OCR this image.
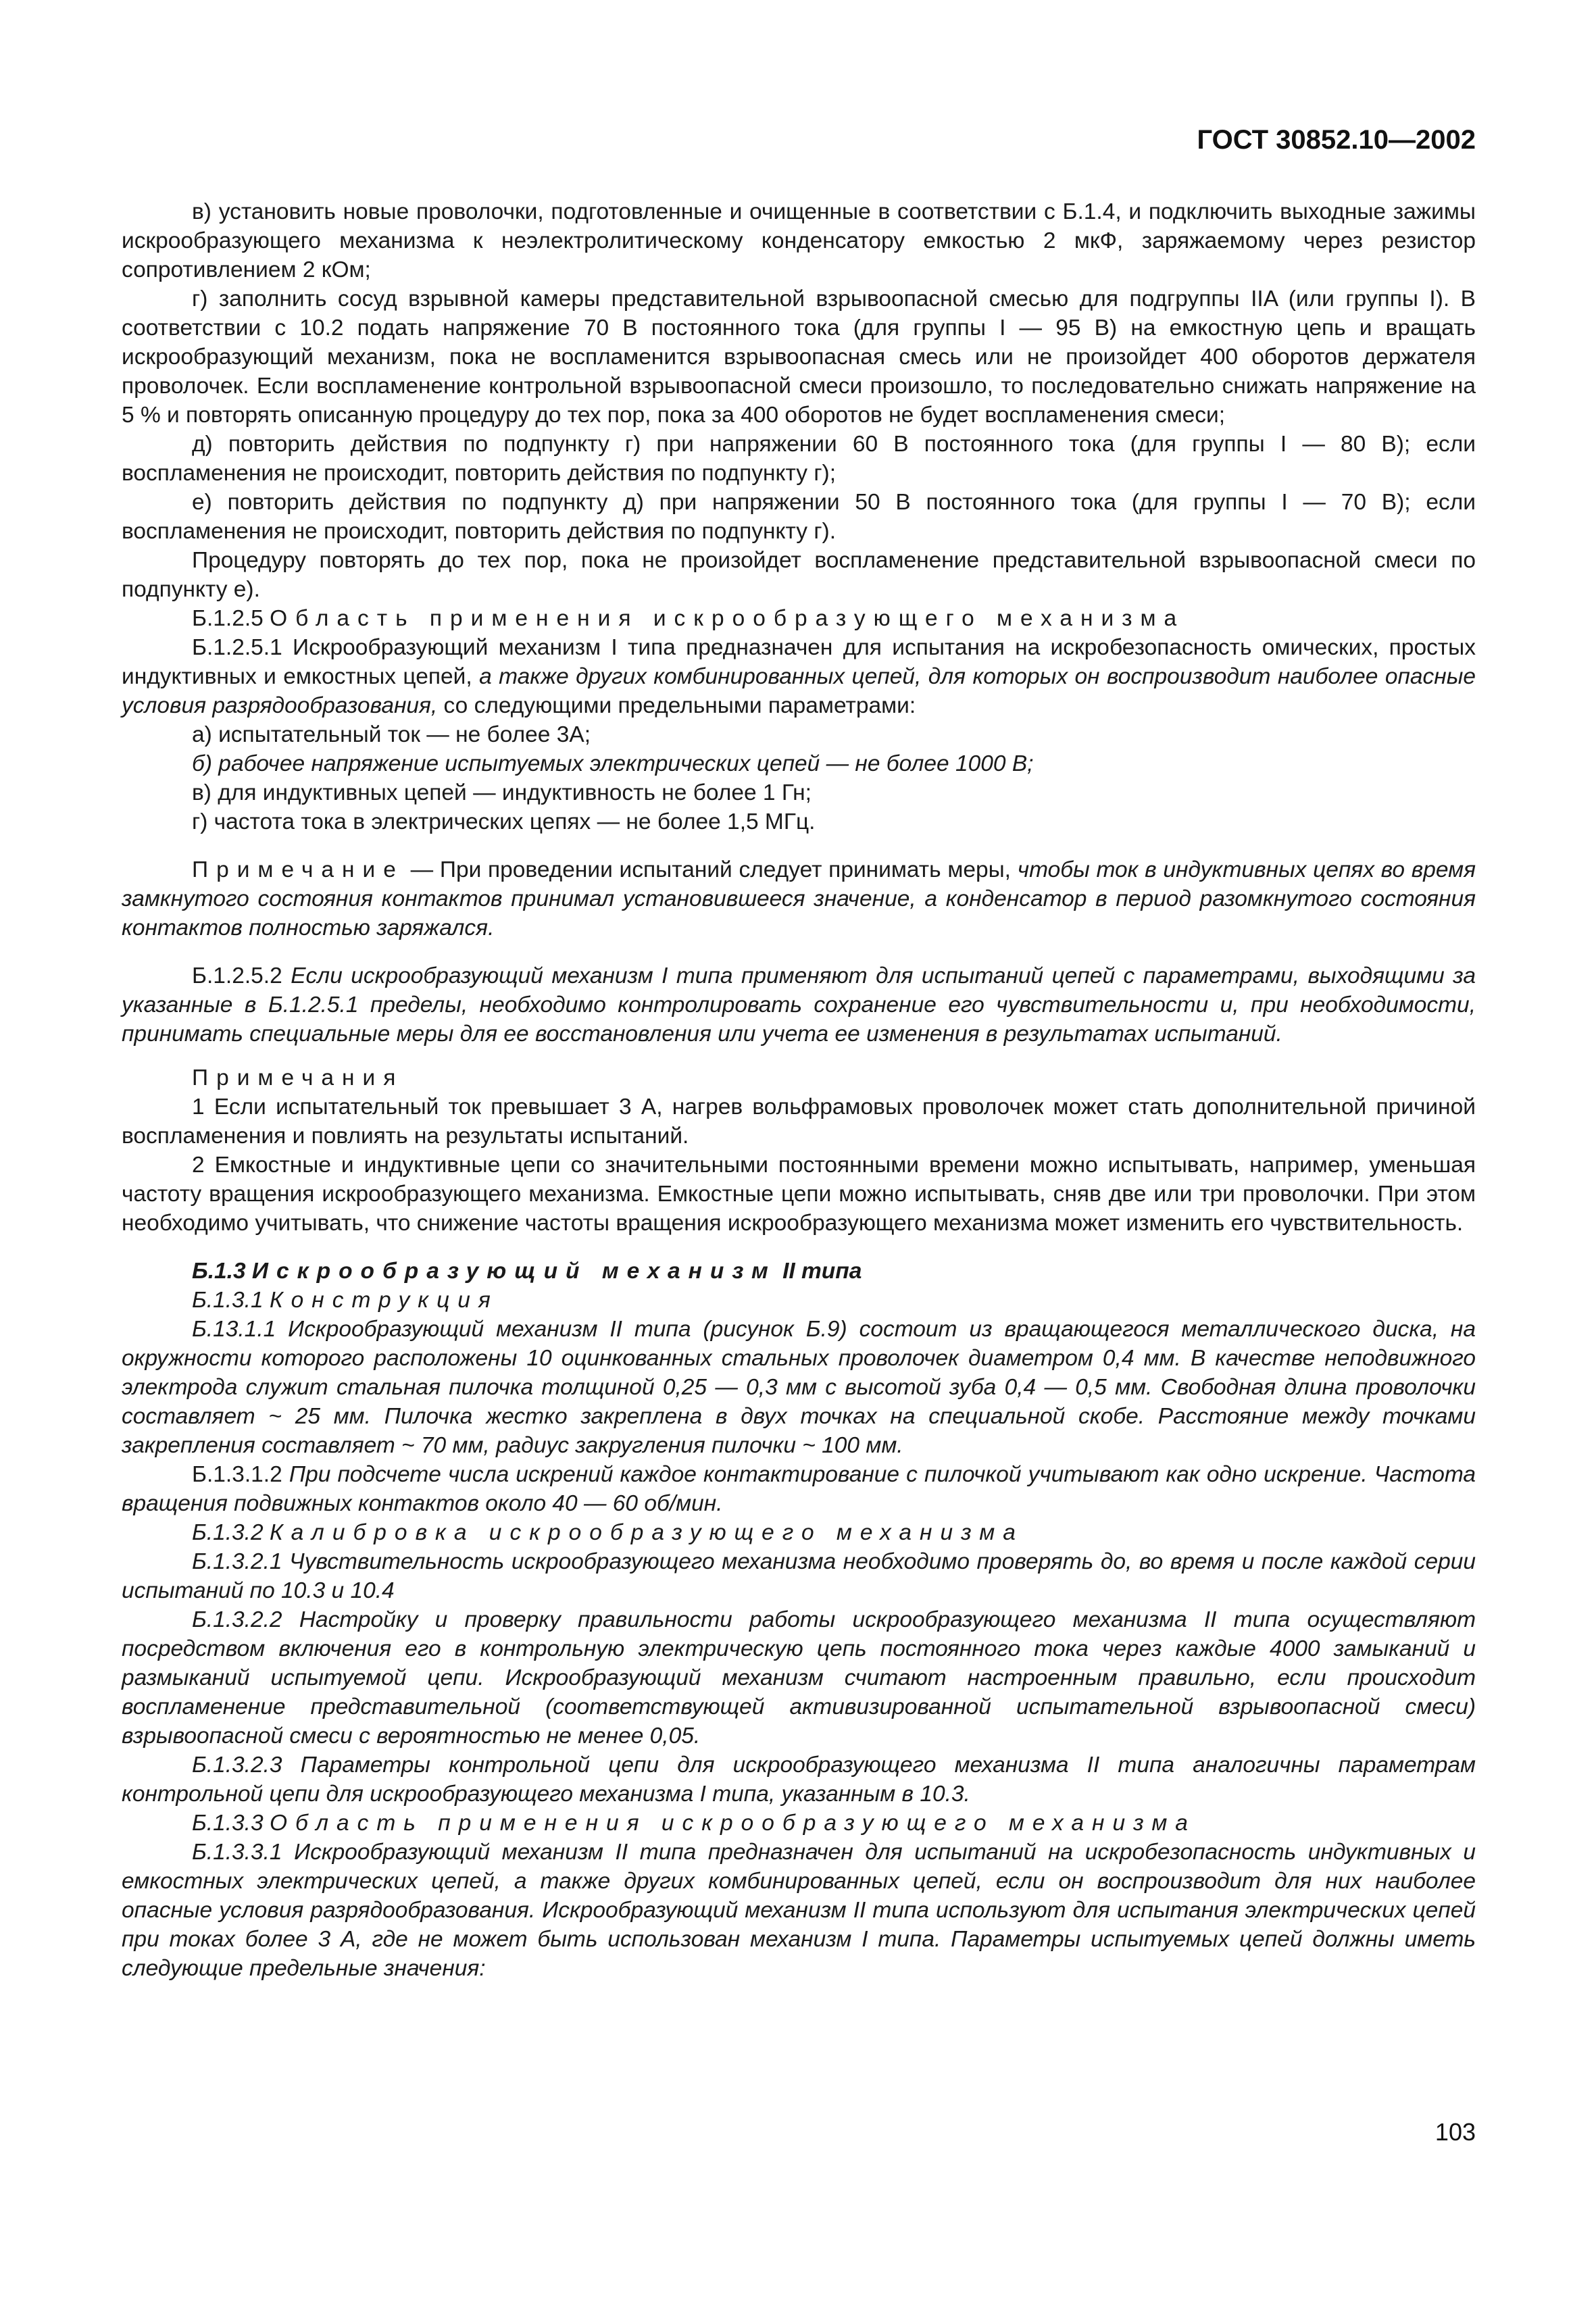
ГОСТ 30852.10—2002

в) установить новые проволочки, подготовленные и очищенные в соответствии с Б.1.4, и подключить выходные зажимы искрообразующего механизма к неэлектролитическому конденсатору емкостью 2 мкФ, заряжаемому через резистор сопротивлением 2 кОм;

г) заполнить сосуд взрывной камеры представительной взрывоопасной смесью для подгруппы IIA (или группы I). В соответствии с 10.2 подать напряжение 70 В постоянного тока (для группы I — 95 В) на емкостную цепь и вращать искрообразующий механизм, пока не воспламенится взрывоопасная смесь или не произойдет 400 оборотов держателя проволочек. Если воспламенение контрольной взрывоопасной смеси произошло, то последовательно снижать напряжение на 5 % и повторять описанную процедуру до тех пор, пока за 400 оборотов не будет воспламенения смеси;

д) повторить действия по подпункту г) при напряжении 60 В постоянного тока (для группы I — 80 В); если воспламенения не происходит, повторить действия по подпункту г);

е) повторить действия по подпункту д) при напряжении 50 В постоянного тока (для группы I — 70 В); если воспламенения не происходит, повторить действия по подпункту г).

Процедуру повторять до тех пор, пока не произойдет воспламенение представительной взрывоопасной смеси по подпункту е).

Б.1.2.5 Область применения искрообразующего механизма

Б.1.2.5.1 Искрообразующий механизм I типа предназначен для испытания на искробезопасность омических, простых индуктивных и емкостных цепей, а также других комбинированных цепей, для которых он воспроизводит наиболее опасные условия разрядообразования, со следующими предельными параметрами:

а) испытательный ток — не более 3А;

б) рабочее напряжение испытуемых электрических цепей — не более 1000 В;

в) для индуктивных цепей — индуктивность не более 1 Гн;

г) частота тока в электрических цепях — не более 1,5 МГц.

Примечание — При проведении испытаний следует принимать меры, чтобы ток в индуктивных цепях во время замкнутого состояния контактов принимал установившееся значение, а конденсатор в период разомкнутого состояния контактов полностью заряжался.

Б.1.2.5.2 Если искрообразующий механизм I типа применяют для испытаний цепей с параметрами, выходящими за указанные в Б.1.2.5.1 пределы, необходимо контролировать сохранение его чувствительности и, при необходимости, принимать специальные меры для ее восстановления или учета ее изменения в результатах испытаний.

Примечания

1 Если испытательный ток превышает 3 А, нагрев вольфрамовых проволочек может стать дополнительной причиной воспламенения и повлиять на результаты испытаний.

2 Емкостные и индуктивные цепи со значительными постоянными времени можно испытывать, например, уменьшая частоту вращения искрообразующего механизма. Емкостные цепи можно испытывать, сняв две или три проволочки. При этом необходимо учитывать, что снижение частоты вращения искрообразующего механизма может изменить его чувствительность.

Б.1.3 Искрообразующий механизм II типа

Б.1.3.1 Конструкция

Б.13.1.1 Искрообразующий механизм II типа (рисунок Б.9) состоит из вращающегося металлического диска, на окружности которого расположены 10 оцинкованных стальных проволочек диаметром 0,4 мм. В качестве неподвижного электрода служит стальная пилочка толщиной 0,25 — 0,3 мм с высотой зуба 0,4 — 0,5 мм. Свободная длина проволочки составляет ~ 25 мм. Пилочка жестко закреплена в двух точках на специальной скобе. Расстояние между точками закрепления составляет ~ 70 мм, радиус закругления пилочки ~ 100 мм.

Б.1.3.1.2 При подсчете числа искрений каждое контактирование с пилочкой учитывают как одно искрение. Частота вращения подвижных контактов около 40 — 60 об/мин.

Б.1.3.2 Калибровка искрообразующего механизма

Б.1.3.2.1 Чувствительность искрообразующего механизма необходимо проверять до, во время и после каждой серии испытаний по 10.3 и 10.4

Б.1.3.2.2 Настройку и проверку правильности работы искрообразующего механизма II типа осуществляют посредством включения его в контрольную электрическую цепь постоянного тока через каждые 4000 замыканий и размыканий испытуемой цепи. Искрообразующий механизм считают настроенным правильно, если происходит воспламенение представительной (соответствующей активизированной испытательной взрывоопасной смеси) взрывоопасной смеси с вероятностью не менее 0,05.

Б.1.3.2.3 Параметры контрольной цепи для искрообразующего механизма II типа аналогичны параметрам контрольной цепи для искрообразующего механизма I типа, указанным в 10.3.

Б.1.3.3 Область применения искрообразующего механизма

Б.1.3.3.1 Искрообразующий механизм II типа предназначен для испытаний на искробезопасность индуктивных и емкостных электрических цепей, а также других комбинированных цепей, если он воспроизводит для них наиболее опасные условия разрядообразования. Искрообразующий механизм II типа используют для испытания электрических цепей при токах более 3 А, где не может быть использован механизм I типа. Параметры испытуемых цепей должны иметь следующие предельные значения:

103
